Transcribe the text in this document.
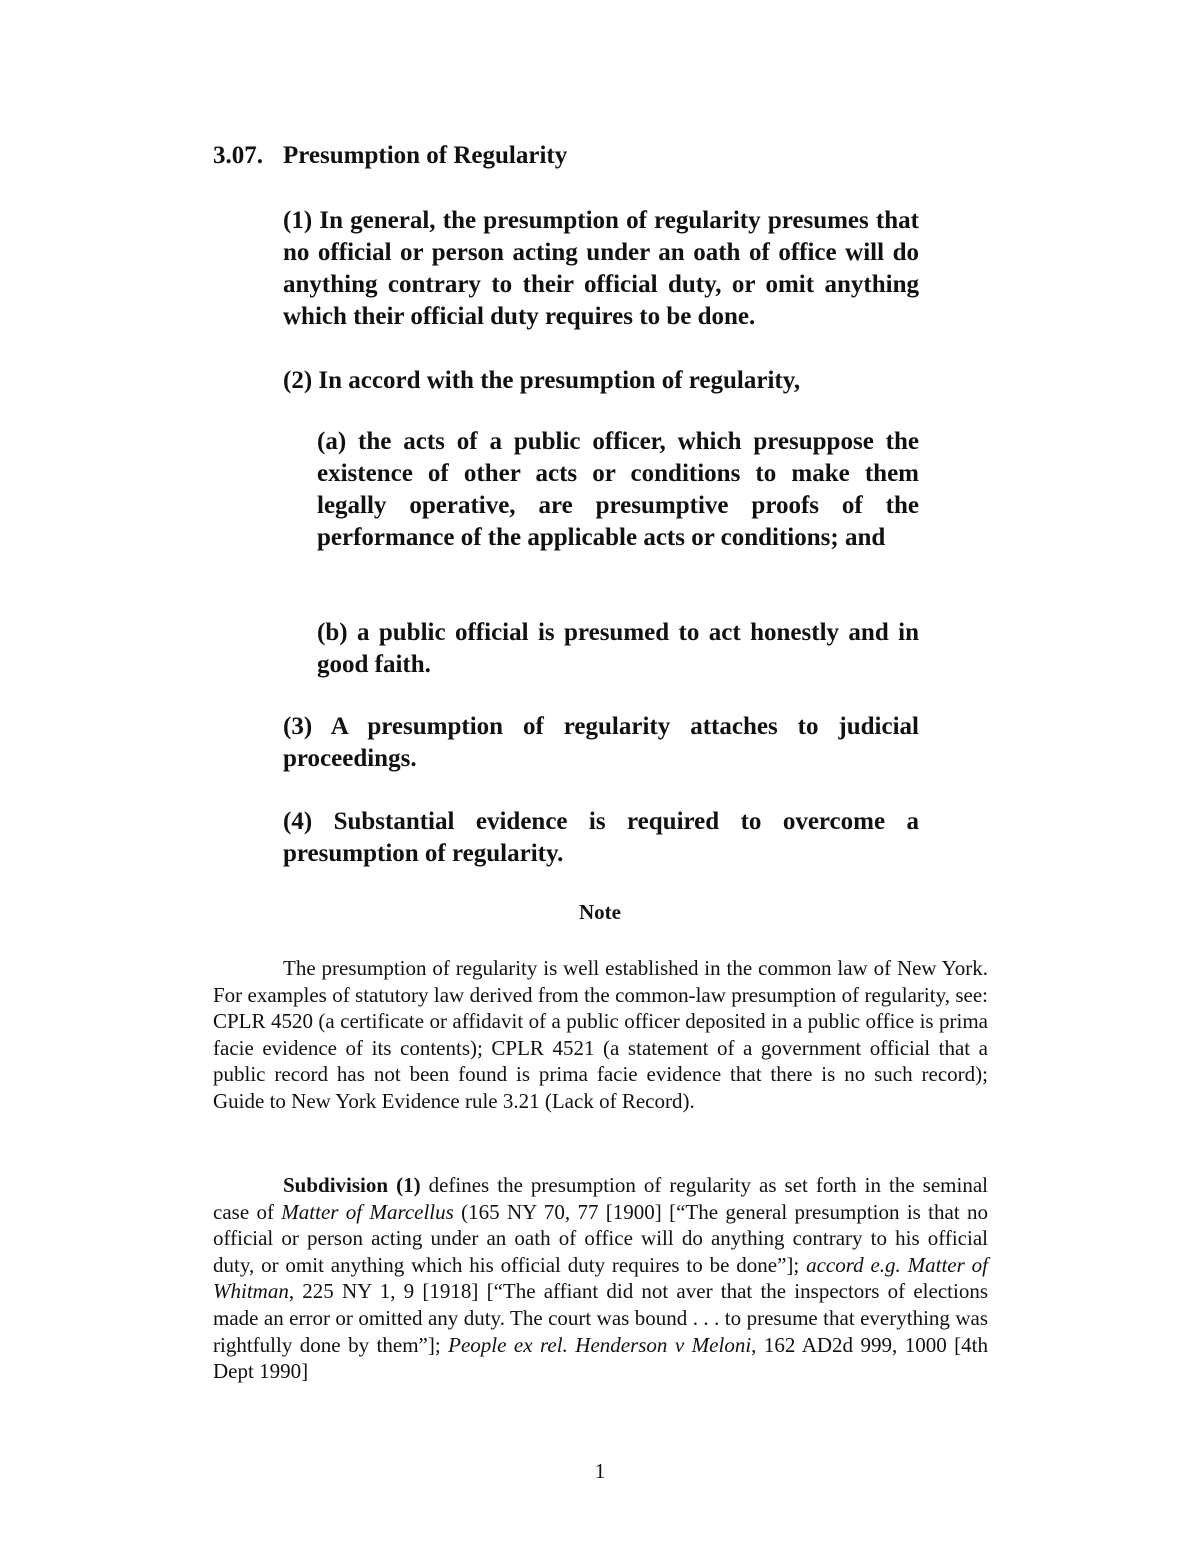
3.07. Presumption of Regularity
(1) In general, the presumption of regularity presumes that no official or person acting under an oath of office will do anything contrary to their official duty, or omit anything which their official duty requires to be done.
(2) In accord with the presumption of regularity,
(a) the acts of a public officer, which presuppose the existence of other acts or conditions to make them legally operative, are presumptive proofs of the performance of the applicable acts or conditions; and
(b) a public official is presumed to act honestly and in good faith.
(3) A presumption of regularity attaches to judicial proceedings.
(4) Substantial evidence is required to overcome a presumption of regularity.
Note

The presumption of regularity is well established in the common law of New York. For examples of statutory law derived from the common-law presumption of regularity, see: CPLR 4520 (a certificate or affidavit of a public officer deposited in a public office is prima facie evidence of its contents); CPLR 4521 (a statement of a government official that a public record has not been found is prima facie evidence that there is no such record); Guide to New York Evidence rule 3.21 (Lack of Record).

Subdivision (1) defines the presumption of regularity as set forth in the seminal case of Matter of Marcellus (165 NY 70, 77 [1900] [“The general presumption is that no official or person acting under an oath of office will do anything contrary to his official duty, or omit anything which his official duty requires to be done”]; accord e.g. Matter of Whitman, 225 NY 1, 9 [1918] [“The affiant did not aver that the inspectors of elections made an error or omitted any duty. The court was bound . . . to presume that everything was rightfully done by them”]; People ex rel. Henderson v Meloni, 162 AD2d 999, 1000 [4th Dept 1990]

1
